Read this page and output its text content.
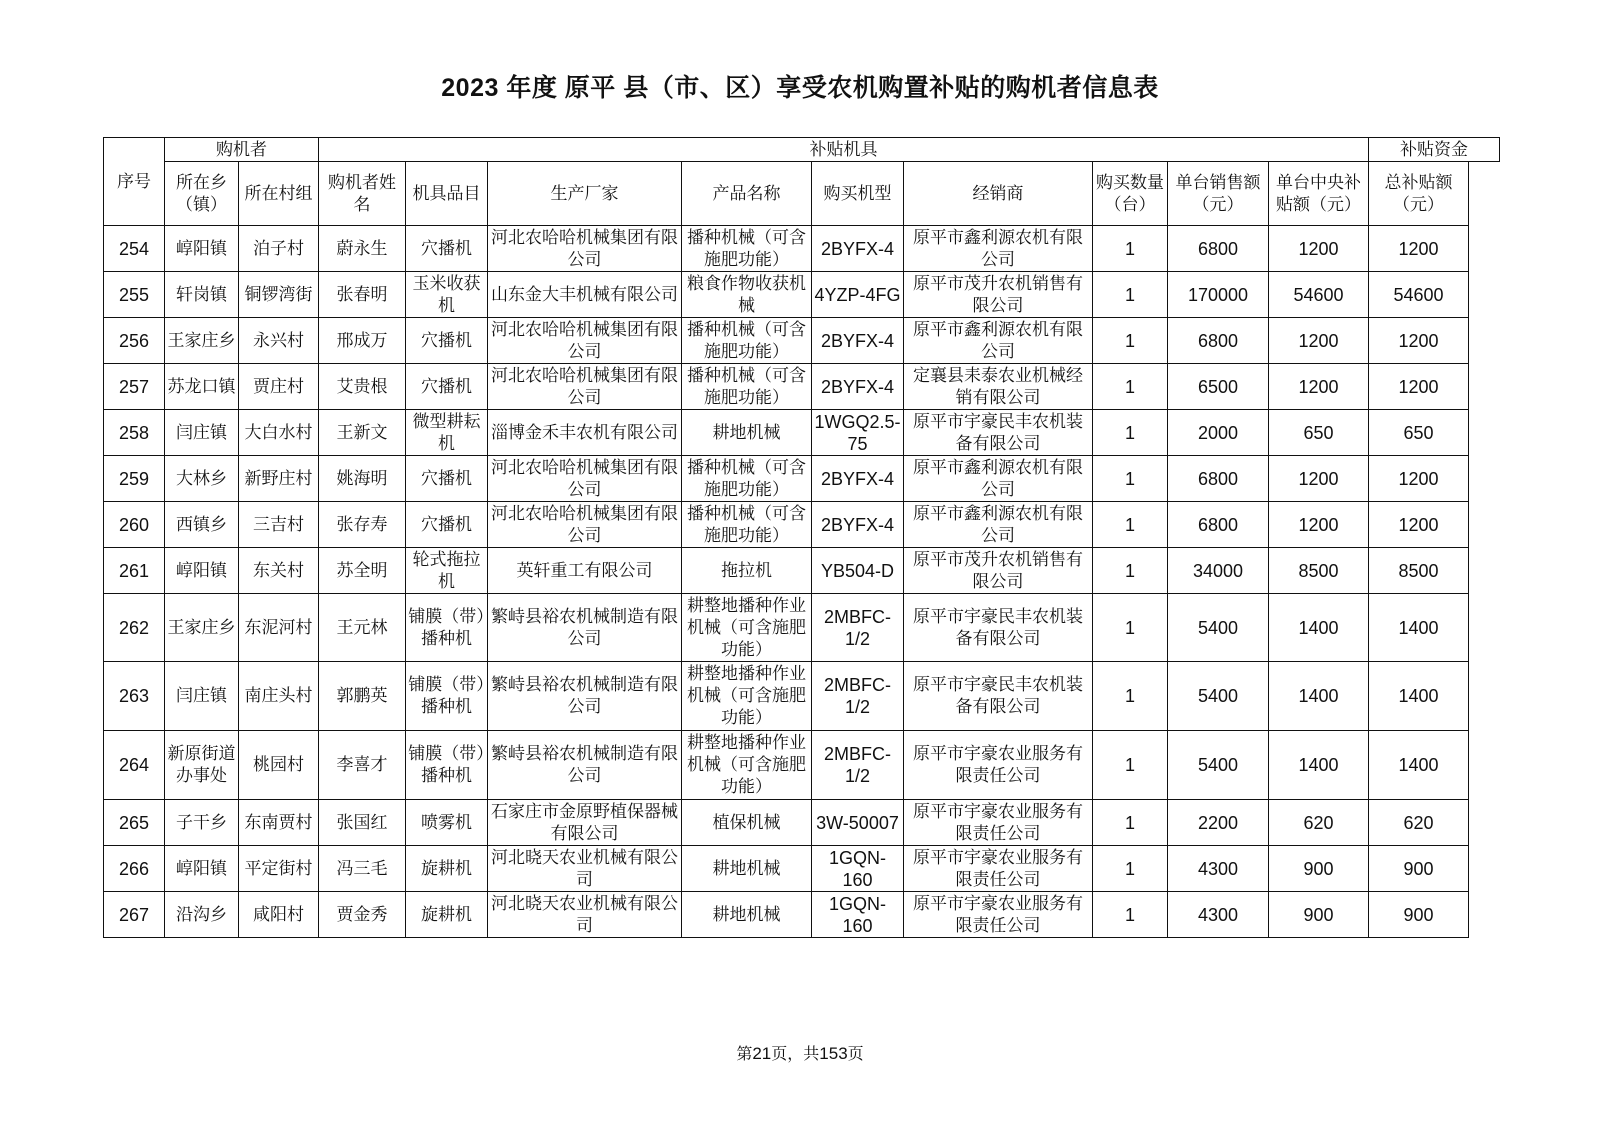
2023 年度 原平 县（市、区）享受农机购置补贴的购机者信息表
序号	购机者		补贴机具									补贴资金
	所在乡（镇）	所在村组	购机者姓名	机具品目	生产厂家	产品名称	购买机型	经销商	购买数量（台）	单台销售额（元）	单台中央补贴额（元）	总补贴额（元）
254	崞阳镇	泊子村	蔚永生	穴播机	河北农哈哈机械集团有限公司	播种机械（可含施肥功能）	2BYFX-4	原平市鑫利源农机有限公司	1	6800	1200	1200
255	轩岗镇	铜锣湾街	张春明	玉米收获机	山东金大丰机械有限公司	粮食作物收获机械	4YZP-4FG	原平市茂升农机销售有限公司	1	170000	54600	54600
256	王家庄乡	永兴村	邢成万	穴播机	河北农哈哈机械集团有限公司	播种机械（可含施肥功能）	2BYFX-4	原平市鑫利源农机有限公司	1	6800	1200	1200
257	苏龙口镇	贾庄村	艾贵根	穴播机	河北农哈哈机械集团有限公司	播种机械（可含施肥功能）	2BYFX-4	定襄县耒泰农业机械经销有限公司	1	6500	1200	1200
258	闫庄镇	大白水村	王新文	微型耕耘机	淄博金禾丰农机有限公司	耕地机械	1WGQ2.5-75	原平市宇豪民丰农机装备有限公司	1	2000	650	650
259	大林乡	新野庄村	姚海明	穴播机	河北农哈哈机械集团有限公司	播种机械（可含施肥功能）	2BYFX-4	原平市鑫利源农机有限公司	1	6800	1200	1200
260	西镇乡	三吉村	张存寿	穴播机	河北农哈哈机械集团有限公司	播种机械（可含施肥功能）	2BYFX-4	原平市鑫利源农机有限公司	1	6800	1200	1200
261	崞阳镇	东关村	苏全明	轮式拖拉机	英轩重工有限公司	拖拉机	YB504-D	原平市茂升农机销售有限公司	1	34000	8500	8500
262	王家庄乡	东泥河村	王元林	铺膜（带）播种机	繁峙县裕农机械制造有限公司	耕整地播种作业机械（可含施肥功能）	2MBFC-1/2	原平市宇豪民丰农机装备有限公司	1	5400	1400	1400
263	闫庄镇	南庄头村	郭鹏英	铺膜（带）播种机	繁峙县裕农机械制造有限公司	耕整地播种作业机械（可含施肥功能）	2MBFC-1/2	原平市宇豪民丰农机装备有限公司	1	5400	1400	1400
264	新原街道办事处	桃园村	李喜才	铺膜（带）播种机	繁峙县裕农机械制造有限公司	耕整地播种作业机械（可含施肥功能）	2MBFC-1/2	原平市宇豪农业服务有限责任公司	1	5400	1400	1400
265	子干乡	东南贾村	张国红	喷雾机	石家庄市金原野植保器械有限公司	植保机械	3W-50007	原平市宇豪农业服务有限责任公司	1	2200	620	620
266	崞阳镇	平定街村	冯三毛	旋耕机	河北晓天农业机械有限公司	耕地机械	1GQN-160	原平市宇豪农业服务有限责任公司	1	4300	900	900
267	沿沟乡	咸阳村	贾金秀	旋耕机	河北晓天农业机械有限公司	耕地机械	1GQN-160	原平市宇豪农业服务有限责任公司	1	4300	900	900
第21页，共153页
